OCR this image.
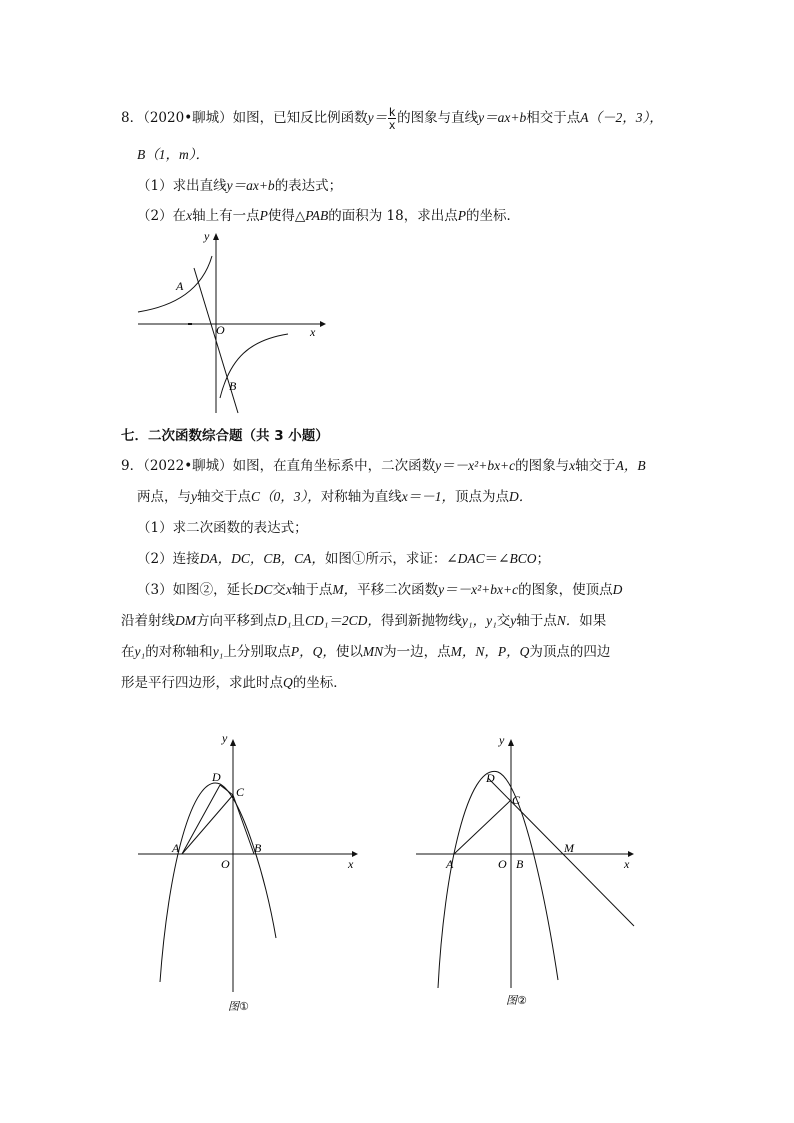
8．（2020•聊城）如图，已知反比例函数$y= \frac{k}{x}$ 的图象与直线y＝ax+b相交于点A（－2，3），
B（1，m）．
（1）求出直线y＝ax+b的表达式；
（2）在x轴上有一点P使得△PAB的面积为 18，求出点P的坐标．
y
x
O
A
B
七．二次函数综合题（共 3 小题）
9．（2022•聊城）如图，在直角坐标系中，二次函数y＝－x²+bx+c的图象与x轴交于A，B
两点，与y轴交于点C（0，3），对称轴为直线x＝－1，顶点为点D．
（1）求二次函数的表达式；
（2）连接DA，DC，CB，CA，如图①所示，求证：∠DAC＝∠BCO；
（3）如图②，延长DC交x轴于点M，平移二次函数y＝－x²+bx+c的图象，使顶点D
沿着射线DM方向平移到点D₁且CD₁＝2CD，得到新抛物线y₁，y₁交y轴于点N．如果
在y₁的对称轴和y₁上分别取点P，Q，使以MN为一边，点M，N，P，Q为顶点的四边
形是平行四边形，求此时点Q的坐标．
y
x
O
A	B
C
D
图①
y
x
O
A	B
C
D
M
图②
